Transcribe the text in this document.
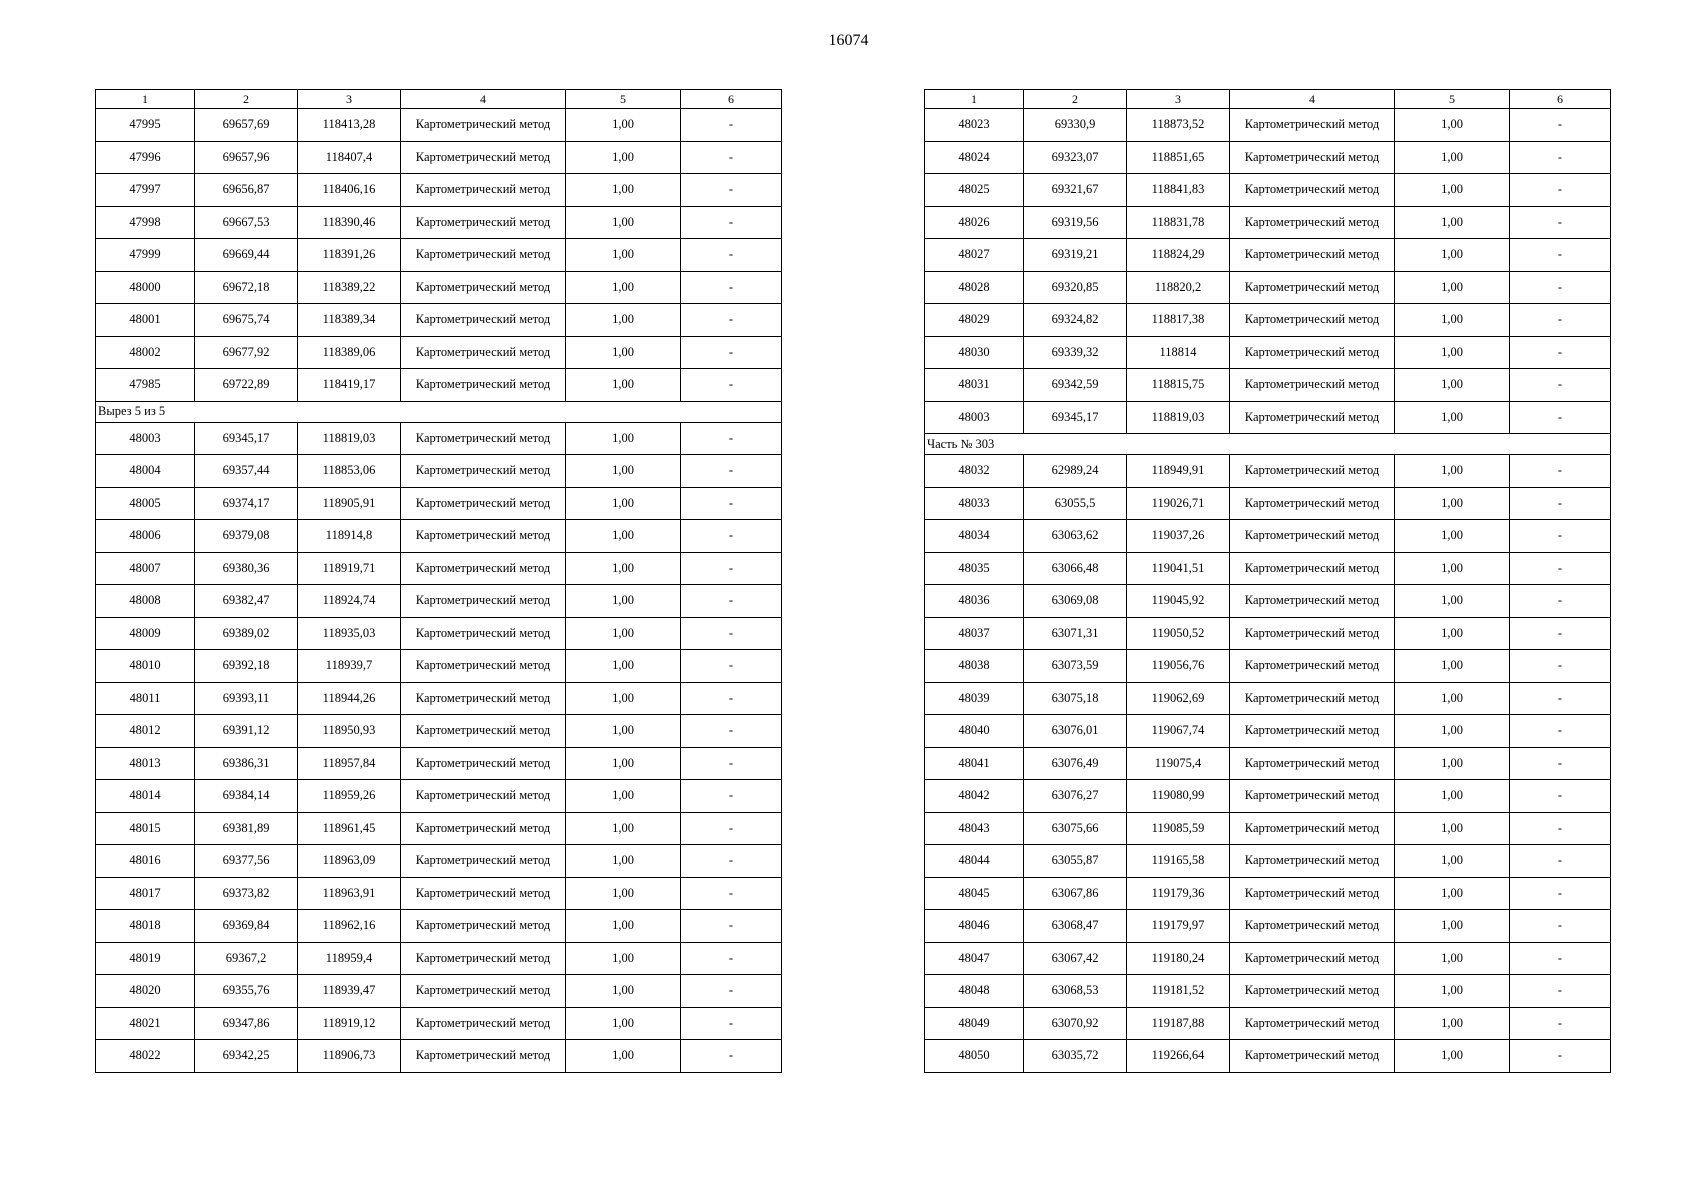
16074
1	2	3	4	5	6
47995	69657,69	118413,28	Картометрический метод	1,00	-
47996	69657,96	118407,4	Картометрический метод	1,00	-
47997	69656,87	118406,16	Картометрический метод	1,00	-
47998	69667,53	118390,46	Картометрический метод	1,00	-
47999	69669,44	118391,26	Картометрический метод	1,00	-
48000	69672,18	118389,22	Картометрический метод	1,00	-
48001	69675,74	118389,34	Картометрический метод	1,00	-
48002	69677,92	118389,06	Картометрический метод	1,00	-
47985	69722,89	118419,17	Картометрический метод	1,00	-
Вырез 5 из 5					
48003	69345,17	118819,03	Картометрический метод	1,00	-
48004	69357,44	118853,06	Картометрический метод	1,00	-
48005	69374,17	118905,91	Картометрический метод	1,00	-
48006	69379,08	118914,8	Картометрический метод	1,00	-
48007	69380,36	118919,71	Картометрический метод	1,00	-
48008	69382,47	118924,74	Картометрический метод	1,00	-
48009	69389,02	118935,03	Картометрический метод	1,00	-
48010	69392,18	118939,7	Картометрический метод	1,00	-
48011	69393,11	118944,26	Картометрический метод	1,00	-
48012	69391,12	118950,93	Картометрический метод	1,00	-
48013	69386,31	118957,84	Картометрический метод	1,00	-
48014	69384,14	118959,26	Картометрический метод	1,00	-
48015	69381,89	118961,45	Картометрический метод	1,00	-
48016	69377,56	118963,09	Картометрический метод	1,00	-
48017	69373,82	118963,91	Картометрический метод	1,00	-
48018	69369,84	118962,16	Картометрический метод	1,00	-
48019	69367,2	118959,4	Картометрический метод	1,00	-
48020	69355,76	118939,47	Картометрический метод	1,00	-
48021	69347,86	118919,12	Картометрический метод	1,00	-
48022	69342,25	118906,73	Картометрический метод	1,00	-
1	2	3	4	5	6
48023	69330,9	118873,52	Картометрический метод	1,00	-
48024	69323,07	118851,65	Картометрический метод	1,00	-
48025	69321,67	118841,83	Картометрический метод	1,00	-
48026	69319,56	118831,78	Картометрический метод	1,00	-
48027	69319,21	118824,29	Картометрический метод	1,00	-
48028	69320,85	118820,2	Картометрический метод	1,00	-
48029	69324,82	118817,38	Картометрический метод	1,00	-
48030	69339,32	118814	Картометрический метод	1,00	-
48031	69342,59	118815,75	Картометрический метод	1,00	-
48003	69345,17	118819,03	Картометрический метод	1,00	-
Часть № 303					
48032	62989,24	118949,91	Картометрический метод	1,00	-
48033	63055,5	119026,71	Картометрический метод	1,00	-
48034	63063,62	119037,26	Картометрический метод	1,00	-
48035	63066,48	119041,51	Картометрический метод	1,00	-
48036	63069,08	119045,92	Картометрический метод	1,00	-
48037	63071,31	119050,52	Картометрический метод	1,00	-
48038	63073,59	119056,76	Картометрический метод	1,00	-
48039	63075,18	119062,69	Картометрический метод	1,00	-
48040	63076,01	119067,74	Картометрический метод	1,00	-
48041	63076,49	119075,4	Картометрический метод	1,00	-
48042	63076,27	119080,99	Картометрический метод	1,00	-
48043	63075,66	119085,59	Картометрический метод	1,00	-
48044	63055,87	119165,58	Картометрический метод	1,00	-
48045	63067,86	119179,36	Картометрический метод	1,00	-
48046	63068,47	119179,97	Картометрический метод	1,00	-
48047	63067,42	119180,24	Картометрический метод	1,00	-
48048	63068,53	119181,52	Картометрический метод	1,00	-
48049	63070,92	119187,88	Картометрический метод	1,00	-
48050	63035,72	119266,64	Картометрический метод	1,00	-
